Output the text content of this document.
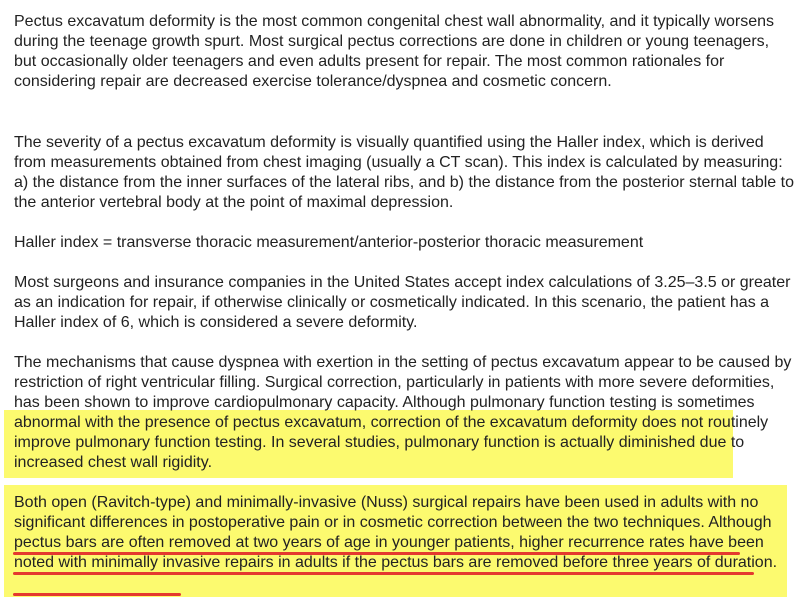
Pectus excavatum deformity is the most common congenital chest wall abnormality, and it typically worsens during the teenage growth spurt. Most surgical pectus corrections are done in children or young teenagers, but occasionally older teenagers and even adults present for repair. The most common rationales for considering repair are decreased exercise tolerance/dyspnea and cosmetic concern.

The severity of a pectus excavatum deformity is visually quantified using the Haller index, which is derived from measurements obtained from chest imaging (usually a CT scan). This index is calculated by measuring: a) the distance from the inner surfaces of the lateral ribs, and b) the distance from the posterior sternal table to the anterior vertebral body at the point of maximal depression.

Haller index = transverse thoracic measurement/anterior-posterior thoracic measurement

Most surgeons and insurance companies in the United States accept index calculations of 3.25–3.5 or greater as an indication for repair, if otherwise clinically or cosmetically indicated. In this scenario, the patient has a Haller index of 6, which is considered a severe deformity.

The mechanisms that cause dyspnea with exertion in the setting of pectus excavatum appear to be caused by restriction of right ventricular filling. Surgical correction, particularly in patients with more severe deformities, has been shown to improve cardiopulmonary capacity. Although pulmonary function testing is sometimes abnormal with the presence of pectus excavatum, correction of the excavatum deformity does not routinely improve pulmonary function testing. In several studies, pulmonary function is actually diminished due to increased chest wall rigidity.

Both open (Ravitch-type) and minimally-invasive (Nuss) surgical repairs have been used in adults with no significant differences in postoperative pain or in cosmetic correction between the two techniques. Although pectus bars are often removed at two years of age in younger patients, higher recurrence rates have been noted with minimally invasive repairs in adults if the pectus bars are removed before three years of duration.
